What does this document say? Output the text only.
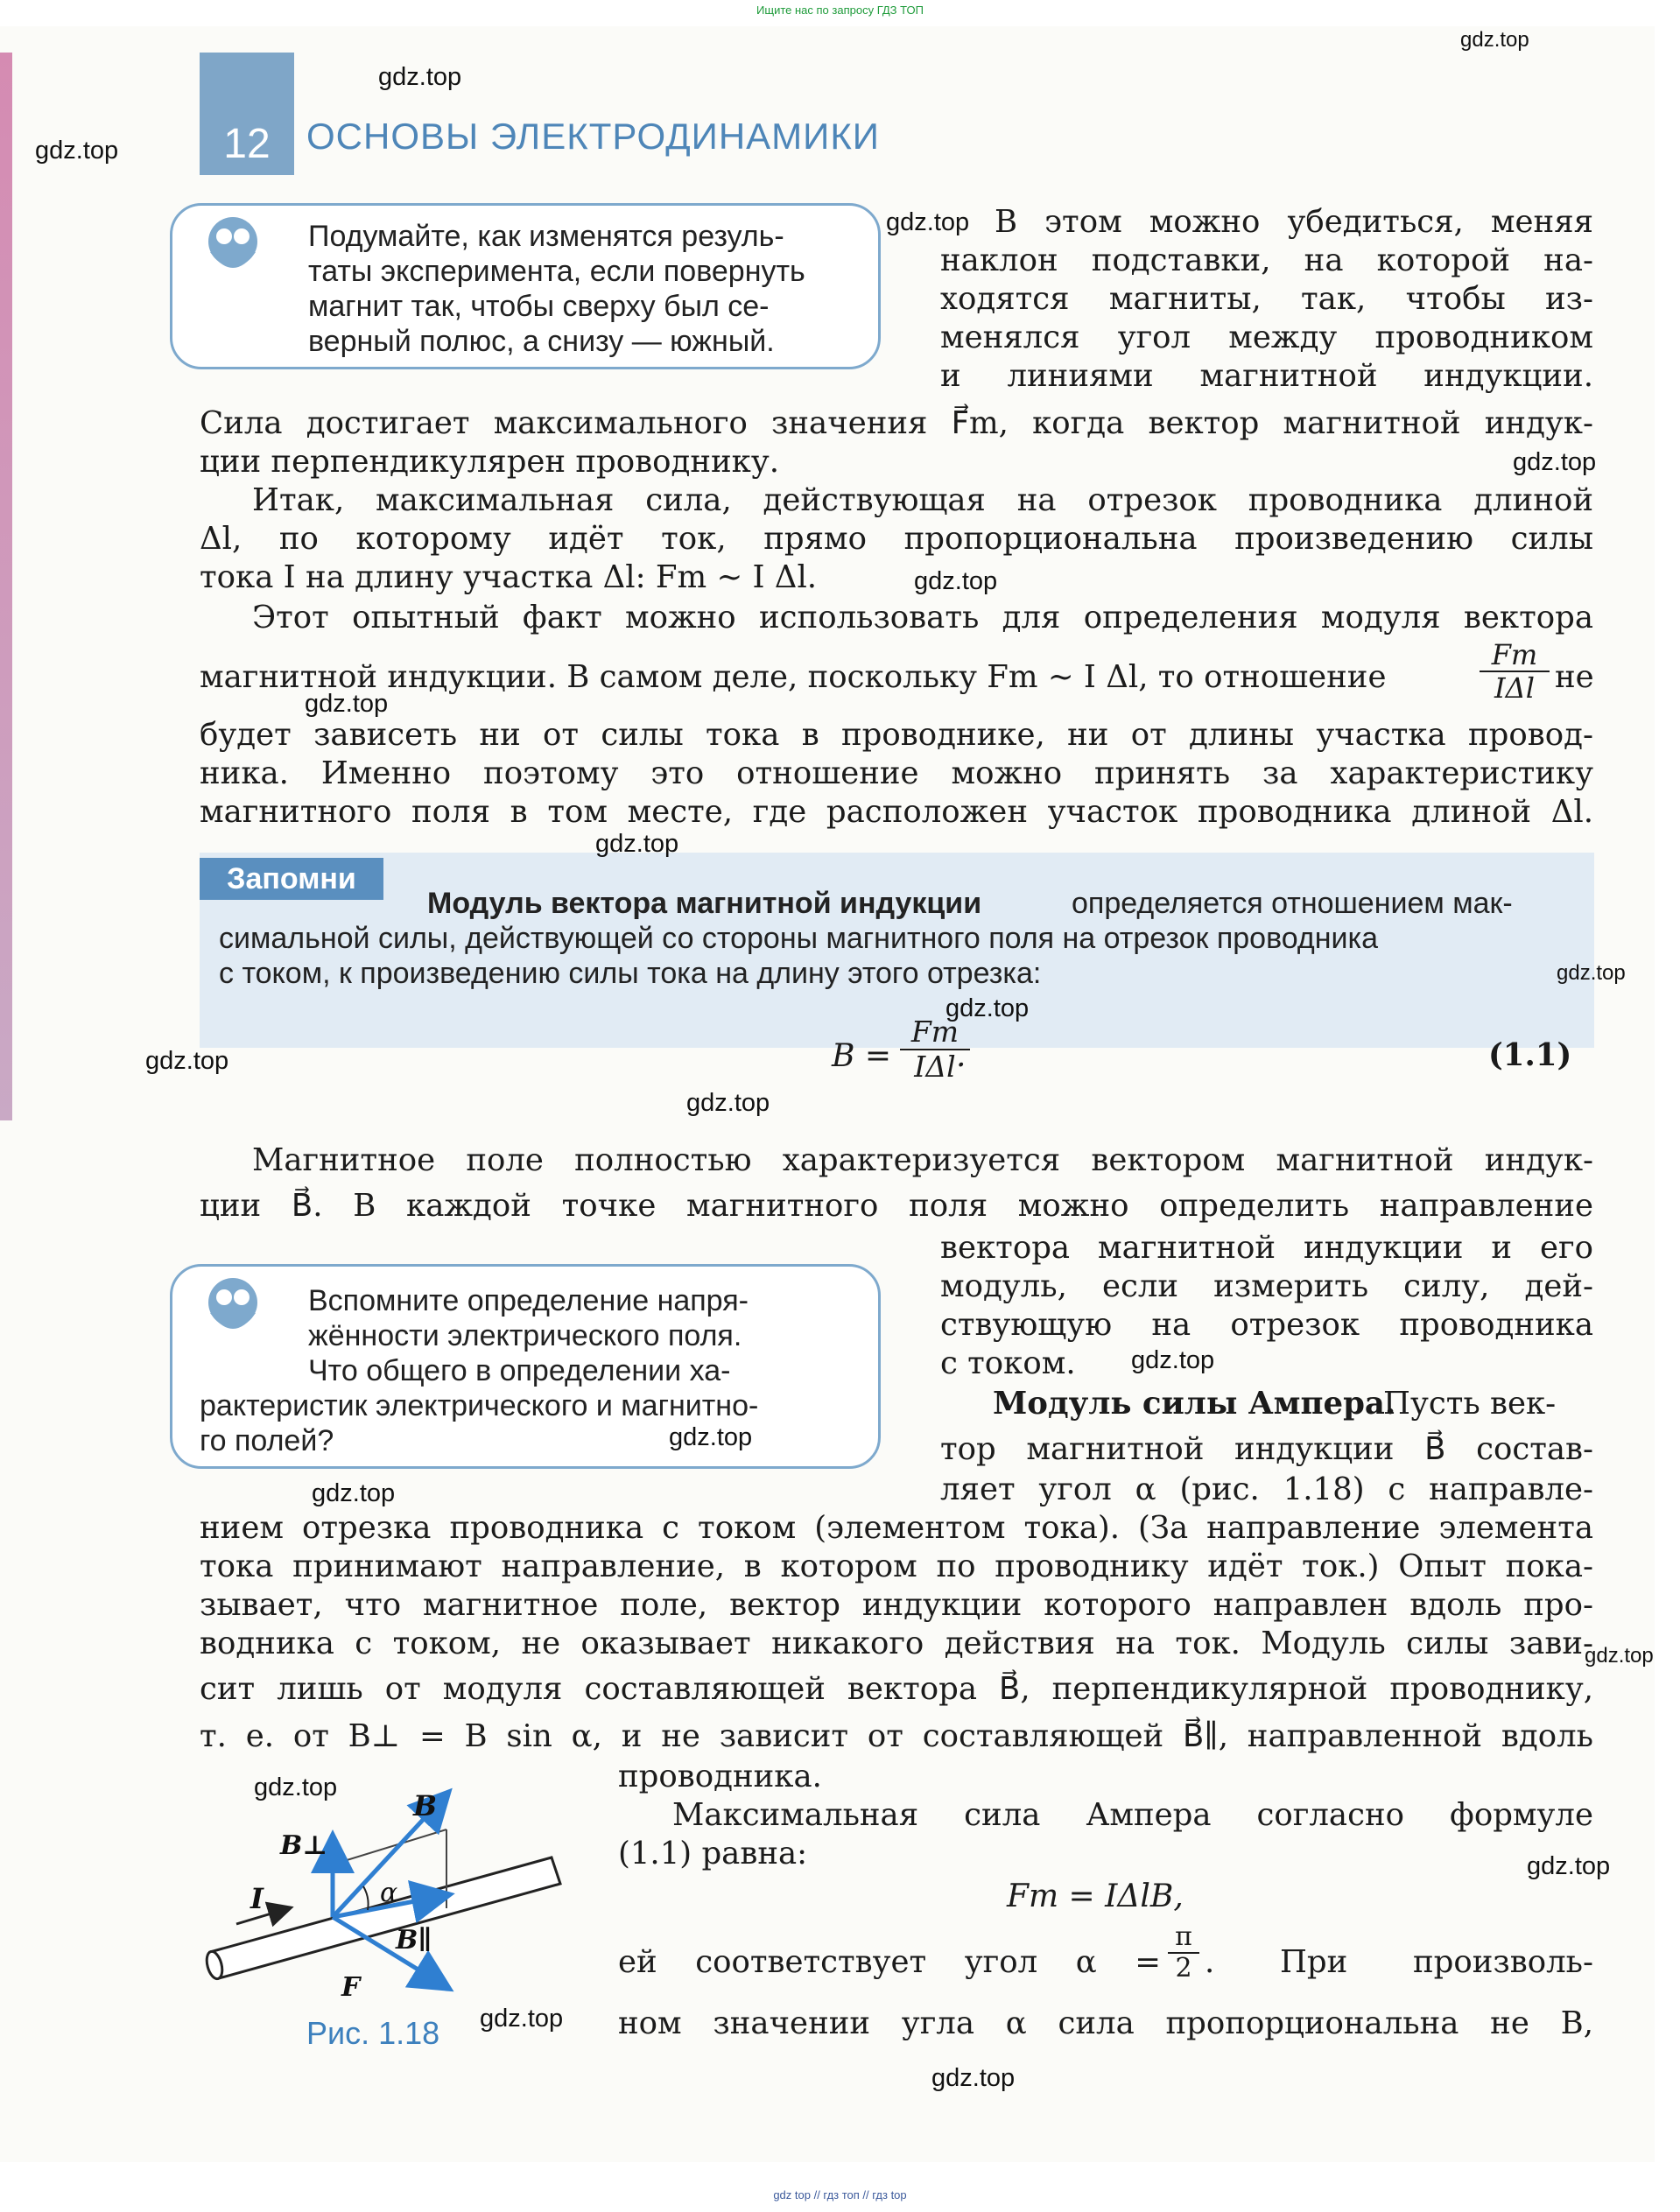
Ищите нас по запросу ГДЗ ТОП
12 ОСНОВЫ ЭЛЕКТРОДИНАМИКИ
Подумайте, как изменятся резуль-
таты эксперимента, если повернуть
магнит так, чтобы сверху был се-
верный полюс, а снизу — южный.
В этом можно убедиться, меняя
наклон подставки, на которой на-
ходятся магниты, так, чтобы из-
менялся угол между проводником
и линиями магнитной индукции.
Сила достигает максимального значения F⃗m, когда вектор магнитной индук-
ции перпендикулярен проводнику.
Итак, максимальная сила, действующая на отрезок проводника длиной
Δl, по которому идёт ток, прямо пропорциональна произведению силы
тока I на длину участка Δl: Fm ~ I Δl.
Этот опытный факт можно использовать для определения модуля вектора
магнитной индукции. В самом деле, поскольку Fm ~ I Δl, то отношение
Fm
IΔl не
будет зависеть ни от силы тока в проводнике, ни от длины участка провод-
ника. Именно поэтому это отношение можно принять за характеристику
магнитного поля в том месте, где расположен участок проводника длиной Δl.
Запомни
Модуль вектора магнитной индукции	определяется отношением мак-
симальной силы, действующей со стороны магнитного поля на отрезок проводника
с током, к произведению силы тока на длину этого отрезка:
B =
Fm
IΔl .	(1.1)
Магнитное поле полностью характеризуется вектором магнитной индук-
ции B⃗. В каждой точке магнитного поля можно определить направление
вектора магнитной индукции и его
модуль, если измерить силу, дей-
ствующую на отрезок проводника
с током.
Вспомните определение напря-
жённости электрического поля.
Что общего в определении ха-
рактеристик электрического и магнитно-
го полей?
Модуль силы Ампера.
Пусть век-
тор магнитной индукции B⃗ состав-
ляет угол α (рис. 1.18) с направле-
нием отрезка проводника с током (элементом тока). (За направление элемента
тока принимают направление, в котором по проводнику идёт ток.) Опыт пока-
зывает, что магнитное поле, вектор индукции которого направлен вдоль про-
водника с током, не оказывает никакого действия на ток. Модуль силы зави-
сит лишь от модуля составляющей вектора B⃗, перпендикулярной проводнику,
т. е. от B⊥ = B sin α, и не зависит от составляющей B⃗∥, направленной вдоль
проводника.
Максимальная сила Ампера согласно формуле
(1.1) равна:
Fm = IΔlB,
ей соответствует угол $\alpha = \frac{\pi}{2}$ . При произволь-
ном значении угла α сила пропорциональна не B,
B
B⊥
B∥
F
I	α
Рис. 1.18
gdz.top
gdz.top
gdz.top
gdz.top
gdz.top
gdz.top
gdz.top
gdz.top
gdz.top
gdz.top
gdz.top
gdz.top
gdz.top
gdz.top
gdz.top
gdz.top
gdz.top
gdz.top
gdz.top
gdz.top
gdz top // гдз топ // гдз top
